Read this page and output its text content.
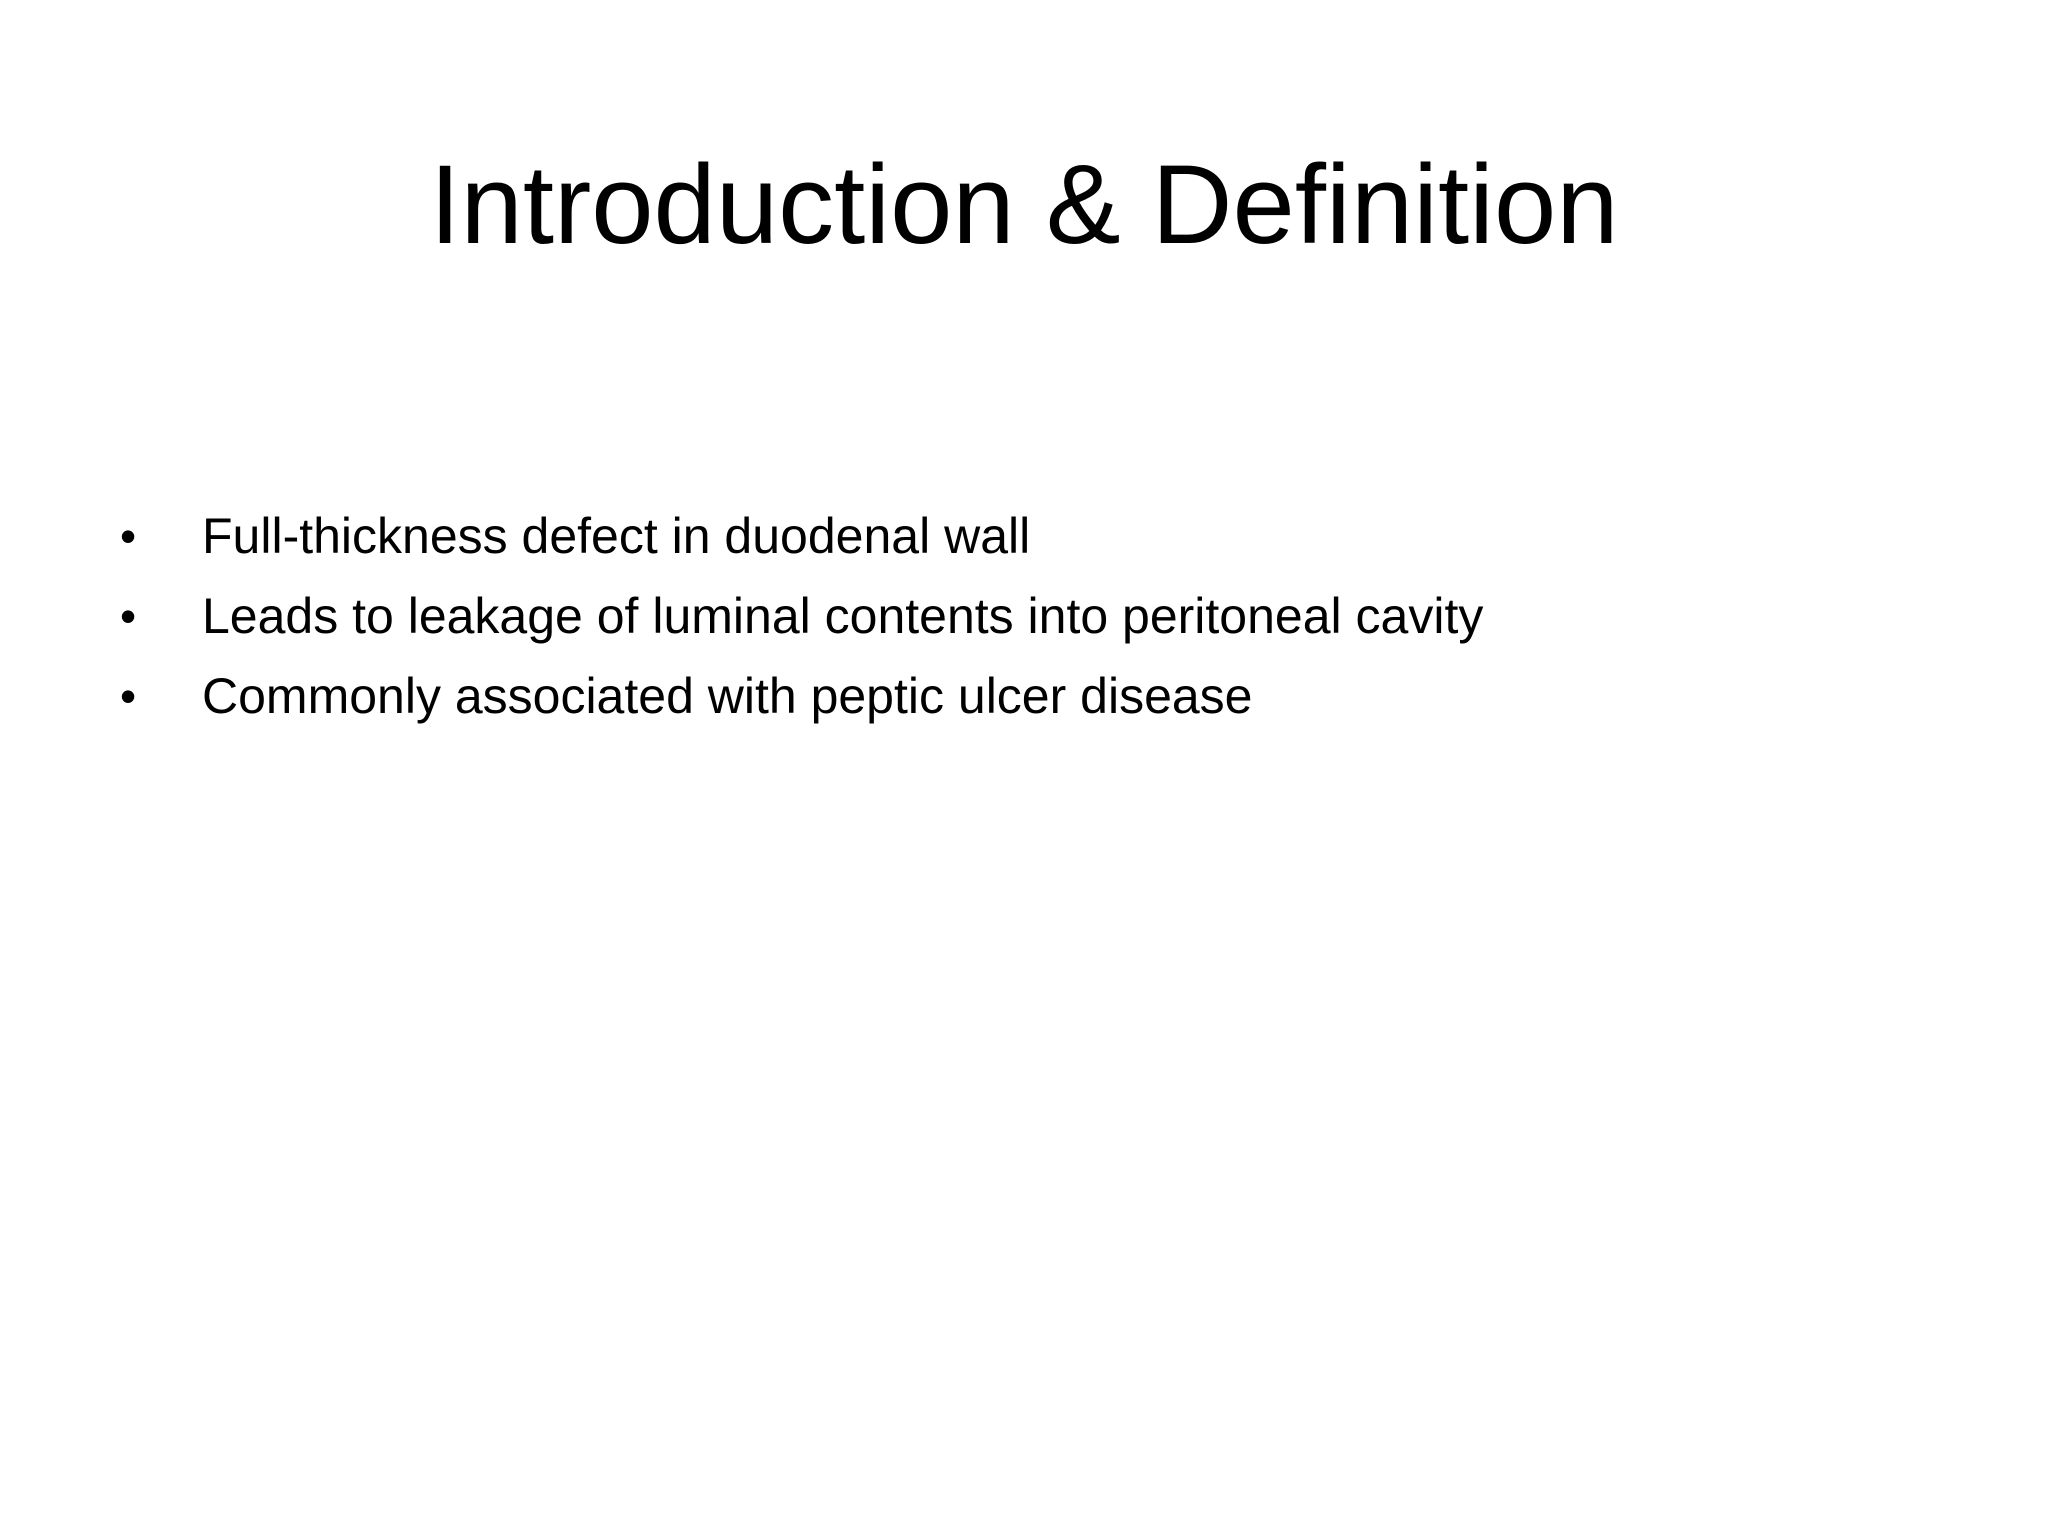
Introduction & Definition
•	Full-thickness defect in duodenal wall
•	Leads to leakage of luminal contents into peritoneal cavity
•	Commonly associated with peptic ulcer disease
